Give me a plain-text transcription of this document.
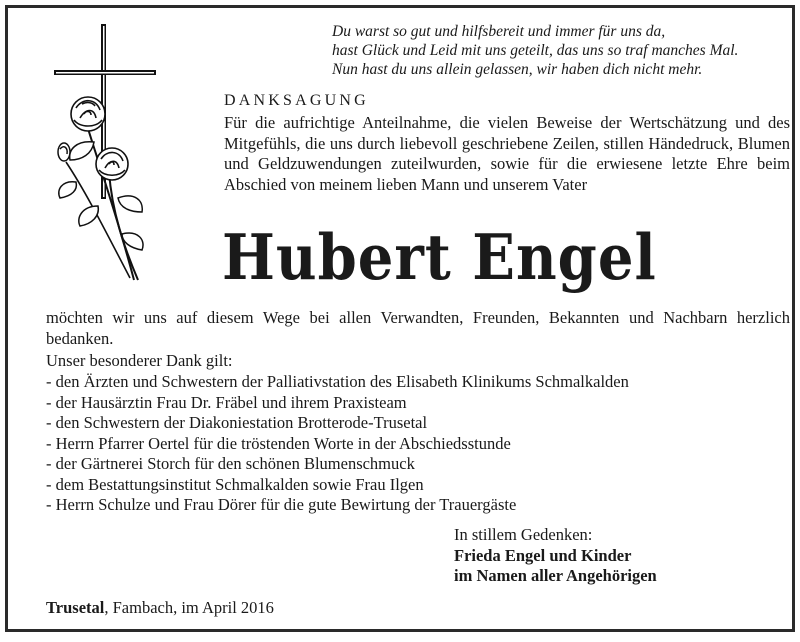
Du warst so gut und hilfsbereit und immer für uns da,
hast Glück und Leid mit uns geteilt, das uns so traf manches Mal.
Nun hast du uns allein gelassen, wir haben dich nicht mehr.
DANKSAGUNG
Für die aufrichtige Anteilnahme, die vielen Beweise der Wertschätzung und des Mitgefühls, die uns durch liebevoll geschriebene Zeilen, stillen Händedruck, Blumen und Geldzuwendungen zuteilwurden, sowie für die erwiesene letzte Ehre beim Abschied von meinem lieben Mann und unserem Vater
Hubert Engel
möchten wir uns auf diesem Wege bei allen Verwandten, Freunden, Bekannten und Nachbarn herzlich bedanken.
Unser besonderer Dank gilt:
- den Ärzten und Schwestern der Palliativstation des Elisabeth Klinikums Schmalkalden
- der Hausärztin Frau Dr. Fräbel und ihrem Praxisteam
- den Schwestern der Diakoniestation Brotterode-Trusetal
- Herrn Pfarrer Oertel für die tröstenden Worte in der Abschiedsstunde
- der Gärtnerei Storch für den schönen Blumenschmuck
- dem Bestattungsinstitut Schmalkalden sowie Frau Ilgen
- Herrn Schulze und Frau Dörer für die gute Bewirtung der Trauergäste
In stillem Gedenken:
Frieda Engel und Kinder
im Namen aller Angehörigen
Trusetal, Fambach, im April 2016
